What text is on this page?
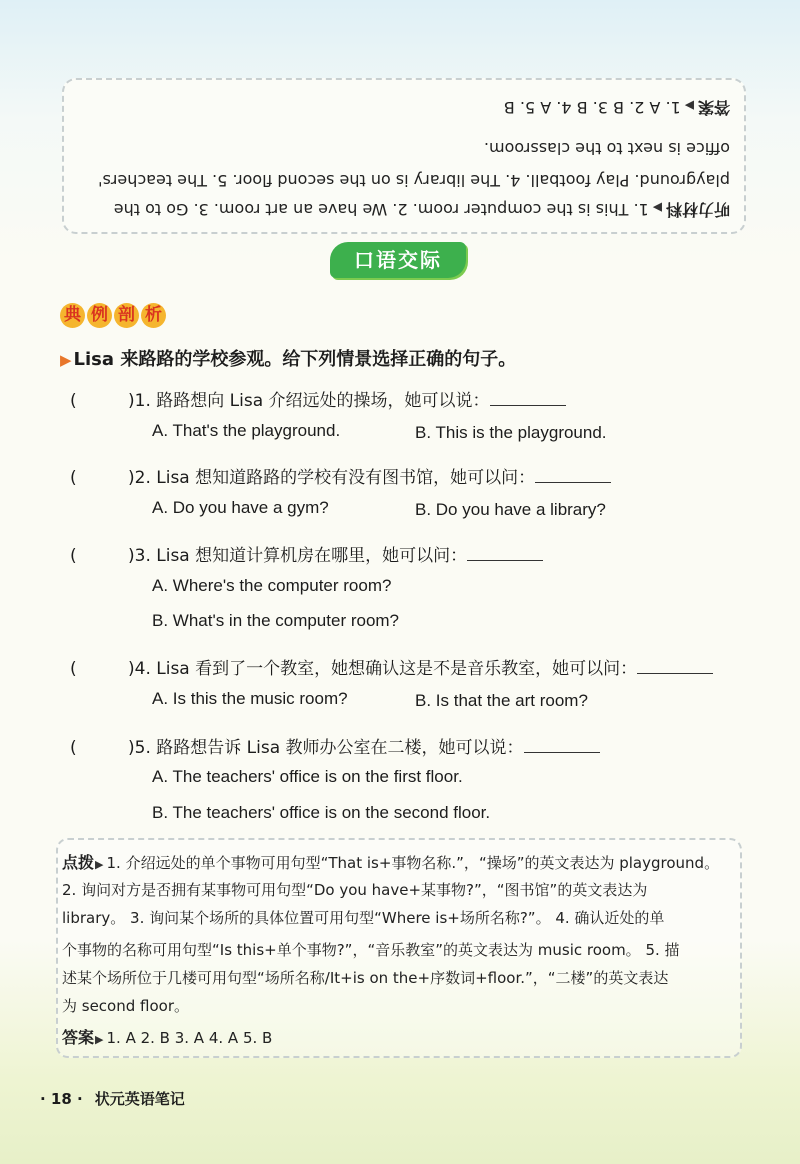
听力材料▶1. This is the computer room. 2. We have an art room. 3. Go to the
playground. Play football. 4. The library is on the second floor. 5. The teachers'
office is next to the classroom.
答案▶1. A 2. B 3. B 4. A 5. B
口语交际
典 例 剖 析
▶ Lisa 来路路的学校参观。给下列情景选择正确的句子。
(	)1. 路路想向 Lisa 介绍远处的操场，她可以说：
A. That's the playground.	B. This is the playground.
(	)2. Lisa 想知道路路的学校有没有图书馆，她可以问：
A. Do you have a gym?	B. Do you have a library?
(	)3. Lisa 想知道计算机房在哪里，她可以问：
A. Where's the computer room?
B. What's in the computer room?
(	)4. Lisa 看到了一个教室，她想确认这是不是音乐教室，她可以问：
A. Is this the music room?	B. Is that the art room?
(	)5. 路路想告诉 Lisa 教师办公室在二楼，她可以说：
A. The teachers' office is on the first floor.
B. The teachers' office is on the second floor.
点拨▶ 1. 介绍远处的单个事物可用句型“That is+事物名称.”，“操场”的英文表达为 playground。
2. 询问对方是否拥有某事物可用句型“Do you have+某事物?”，“图书馆”的英文表达为
library。 3. 询问某个场所的具体位置可用句型“Where is+场所名称?”。 4. 确认近处的单
个事物的名称可用句型“Is this+单个事物?”，“音乐教室”的英文表达为 music room。 5. 描
述某个场所位于几楼可用句型“场所名称/It+is on the+序数词+floor.”，“二楼”的英文表达
为 second floor。
答案▶ 1. A 2. B 3. A 4. A 5. B
· 18 · 状元英语笔记
